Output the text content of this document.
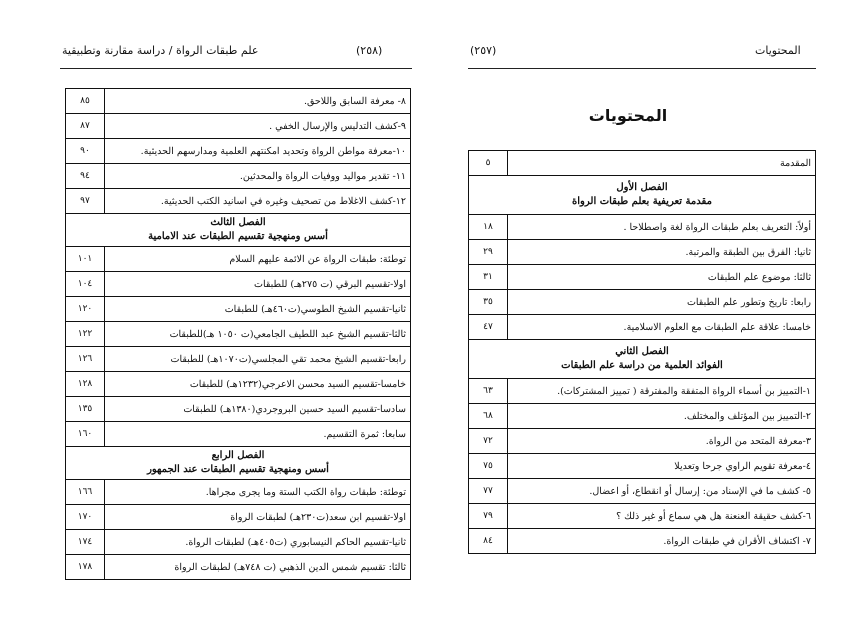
علم طبقات الرواة / دراسة مقارنة وتطبيقية	(٢٥٨)
٨- معرفة السابق واللاحق.	٨٥
٩-كشف التدليس والإرسال الخفي .	٨٧
١٠-معرفة مواطن الرواة وتحديد امكنتهم العلمية ومدارسهم الحديثية.	٩٠
١١- تقدير مواليد ووفيات الرواة والمحدثين.	٩٤
١٢-كشف الاغلاط من تصحيف وغيره في اسانيد الكتب الحديثية.	٩٧

الفصل الثالث
أسس ومنهجية تقسيم الطبقات عند الامامية	

توطئة: طبقات الرواة عن الائمة عليهم السلام	١٠١
اولا-تقسيم البرقي (ت ٢٧٥هـ) للطبقات	١٠٤
ثانيا-تقسيم الشيخ الطوسي(ت٤٦٠هـ) للطبقات	١٢٠
ثالثا-تقسيم الشيخ عبد اللطيف الجامعي(ت ١٠٥٠ هـ)للطبقات	١٢٢
رابعا-تقسيم الشيخ محمد تقي المجلسي(ت١٠٧٠هـ) للطبقات	١٢٦
خامسا-تقسيم السيد محسن الاعرجي(١٢٣٢هـ) للطبقات	١٢٨
سادسا-تقسيم السيد حسين البروجردي(١٣٨٠هـ) للطبقات	١٣٥
سابعا: ثمرة التقسيم.	١٦٠

الفصل الرابع
أسس ومنهجية تقسيم الطبقات عند الجمهور	

توطئة: طبقات رواة الكتب الستة وما يجرى مجراها.	١٦٦
اولا-تقسيم ابن سعد(ت٢٣٠هـ) لطبقات الرواة	١٧٠
ثانيا-تقسيم الحاكم النيسابوري (ت٤٠٥هـ) لطبقات الرواة.	١٧٤
ثالثا: تقسيم شمس الدين الذهبي (ت ٧٤٨هـ) لطبقات الرواة	١٧٨
(٢٥٧)	المحتويات
المحتويات
المقدمة	٥

الفصل الأول
مقدمة تعريفية بعلم طبقات الرواة	

أولاً: التعريف بعلم طبقات الرواة لغة واصطلاحا .	١٨
ثانيا: الفرق بين الطبقة والمرتبة.	٢٩
ثالثا: موضوع علم الطبقات	٣١
رابعا: تاريخ وتطور علم الطبقات	٣٥
خامسا: علاقة علم الطبقات مع العلوم الاسلامية.	٤٧

الفصل الثاني
الفوائد العلمية من دراسة علم الطبقات	

١-التمييز بن أسماء الرواة المتفقة والمفترقة ( تمييز المشتركات).	٦٣
٢-التمييز بين المؤتلف والمختلف.	٦٨
٣-معرفة المتحد من الرواة.	٧٢
٤-معرفة تقويم الراوي جرحا وتعديلا	٧٥
٥- كشف ما في الإسناد من: إرسال أو انقطاع، أو اعضال.	٧٧
٦-كشف حقيقة العنعنة هل هي سماع أو غير ذلك ؟	٧٩
٧- اكتشاف الأقران في طبقات الرواة.	٨٤
